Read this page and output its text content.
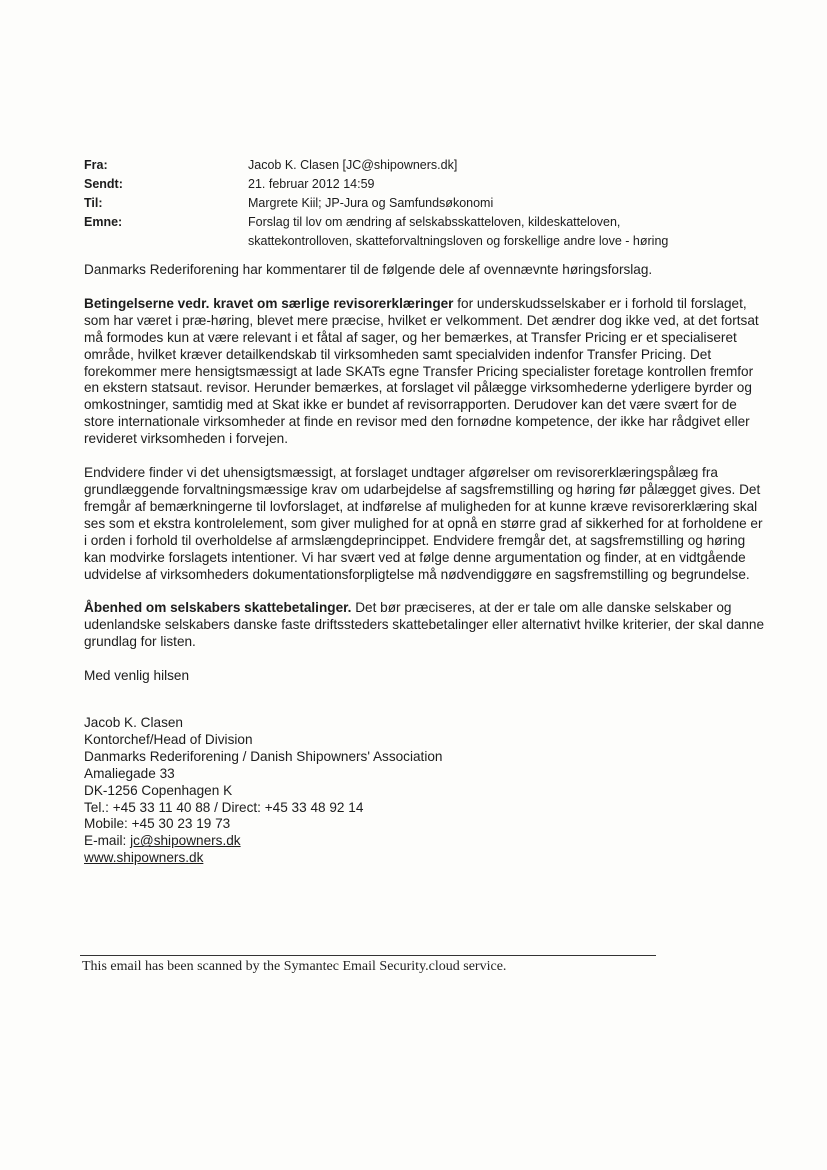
Fra:	Jacob K. Clasen [JC@shipowners.dk]
Sendt:	21. februar 2012 14:59
Til:	Margrete Kiil; JP-Jura og Samfundsøkonomi
Emne:	Forslag til lov om ændring af selskabsskatteloven, kildeskatteloven,
skattekontrolloven, skatteforvaltningsloven og forskellige andre love - høring

Danmarks Rederiforening har kommentarer til de følgende dele af ovennævnte høringsforslag.

Betingelserne vedr. kravet om særlige revisorerklæringer for underskudsselskaber er i forhold til forslaget, som har været i præ-høring, blevet mere præcise, hvilket er velkomment. Det ændrer dog ikke ved, at det fortsat må formodes kun at være relevant i et fåtal af sager, og her bemærkes, at Transfer Pricing er et specialiseret område, hvilket kræver detailkendskab til virksomheden samt specialviden indenfor Transfer Pricing. Det forekommer mere hensigtsmæssigt at lade SKATs egne Transfer Pricing specialister foretage kontrollen fremfor en ekstern statsaut. revisor. Herunder bemærkes, at forslaget vil pålægge virksomhederne yderligere byrder og omkostninger, samtidig med at Skat ikke er bundet af revisorrapporten. Derudover kan det være svært for de store internationale virksomheder at finde en revisor med den fornødne kompetence, der ikke har rådgivet eller revideret virksomheden i forvejen.

Endvidere finder vi det uhensigtsmæssigt, at forslaget undtager afgørelser om revisorerklæringspålæg fra grundlæggende forvaltningsmæssige krav om udarbejdelse af sagsfremstilling og høring før pålægget gives. Det fremgår af bemærkningerne til lovforslaget, at indførelse af muligheden for at kunne kræve revisorerklæring skal ses som et ekstra kontrolelement, som giver mulighed for at opnå en større grad af sikkerhed for at forholdene er i orden i forhold til overholdelse af armslængdeprincippet. Endvidere fremgår det, at sagsfremstilling og høring kan modvirke forslagets intentioner. Vi har svært ved at følge denne argumentation og finder, at en vidtgående udvidelse af virksomheders dokumentationsforpligtelse må nødvendiggøre en sagsfremstilling og begrundelse.

Åbenhed om selskabers skattebetalinger. Det bør præciseres, at der er tale om alle danske selskaber og udenlandske selskabers danske faste driftssteders skattebetalinger eller alternativt hvilke kriterier, der skal danne grundlag for listen.

Med venlig hilsen

Jacob K. Clasen
Kontorchef/Head of Division
Danmarks Rederiforening / Danish Shipowners' Association
Amaliegade 33
DK-1256 Copenhagen K
Tel.: +45 33 11 40 88 / Direct: +45 33 48 92 14
Mobile: +45 30 23 19 73
E-mail: jc@shipowners.dk
www.shipowners.dk
This email has been scanned by the Symantec Email Security.cloud service.
